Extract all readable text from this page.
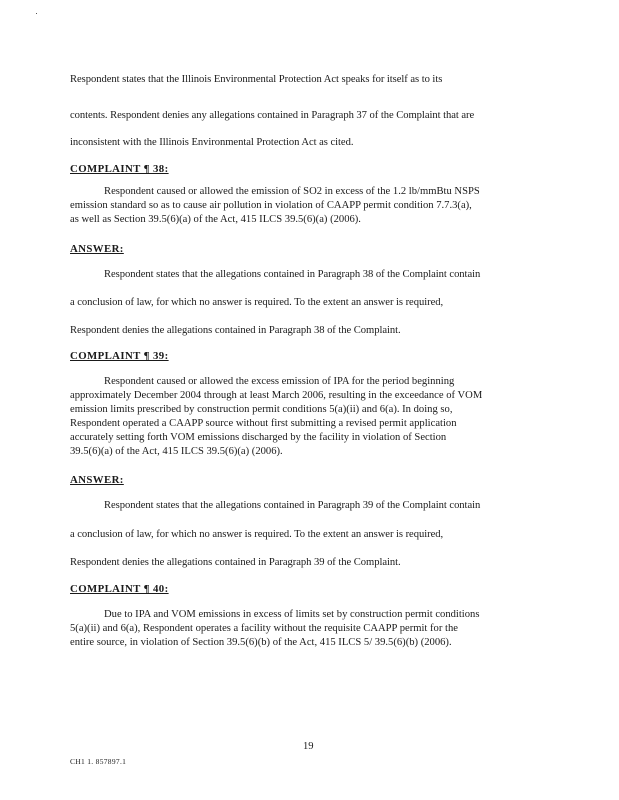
Respondent states that the Illinois Environmental Protection Act speaks for itself as to its
contents. Respondent denies any allegations contained in Paragraph 37 of the Complaint that are
inconsistent with the Illinois Environmental Protection Act as cited.
COMPLAINT ¶ 38:

Respondent caused or allowed the emission of SO2 in excess of the 1.2 lb/mmBtu NSPS

emission standard so as to cause air pollution in violation of CAAPP permit condition 7.7.3(a),

as well as Section 39.5(6)(a) of the Act, 415 ILCS 39.5(6)(a) (2006).

ANSWER:
Respondent states that the allegations contained in Paragraph 38 of the Complaint contain
a conclusion of law, for which no answer is required. To the extent an answer is required,
Respondent denies the allegations contained in Paragraph 38 of the Complaint.
COMPLAINT ¶ 39:

Respondent caused or allowed the excess emission of IPA for the period beginning

approximately December 2004 through at least March 2006, resulting in the exceedance of VOM

emission limits prescribed by construction permit conditions 5(a)(ii) and 6(a). In doing so,

Respondent operated a CAAPP source without first submitting a revised permit application

accurately setting forth VOM emissions discharged by the facility in violation of Section

39.5(6)(a) of the Act, 415 ILCS 39.5(6)(a) (2006).

ANSWER:
Respondent states that the allegations contained in Paragraph 39 of the Complaint contain
a conclusion of law, for which no answer is required. To the extent an answer is required,
Respondent denies the allegations contained in Paragraph 39 of the Complaint.
COMPLAINT ¶ 40:

Due to IPA and VOM emissions in excess of limits set by construction permit conditions

5(a)(ii) and 6(a), Respondent operates a facility without the requisite CAAPP permit for the

entire source, in violation of Section 39.5(6)(b) of the Act, 415 ILCS 5/ 39.5(6)(b) (2006).

19
CH1 1. 857897.1
